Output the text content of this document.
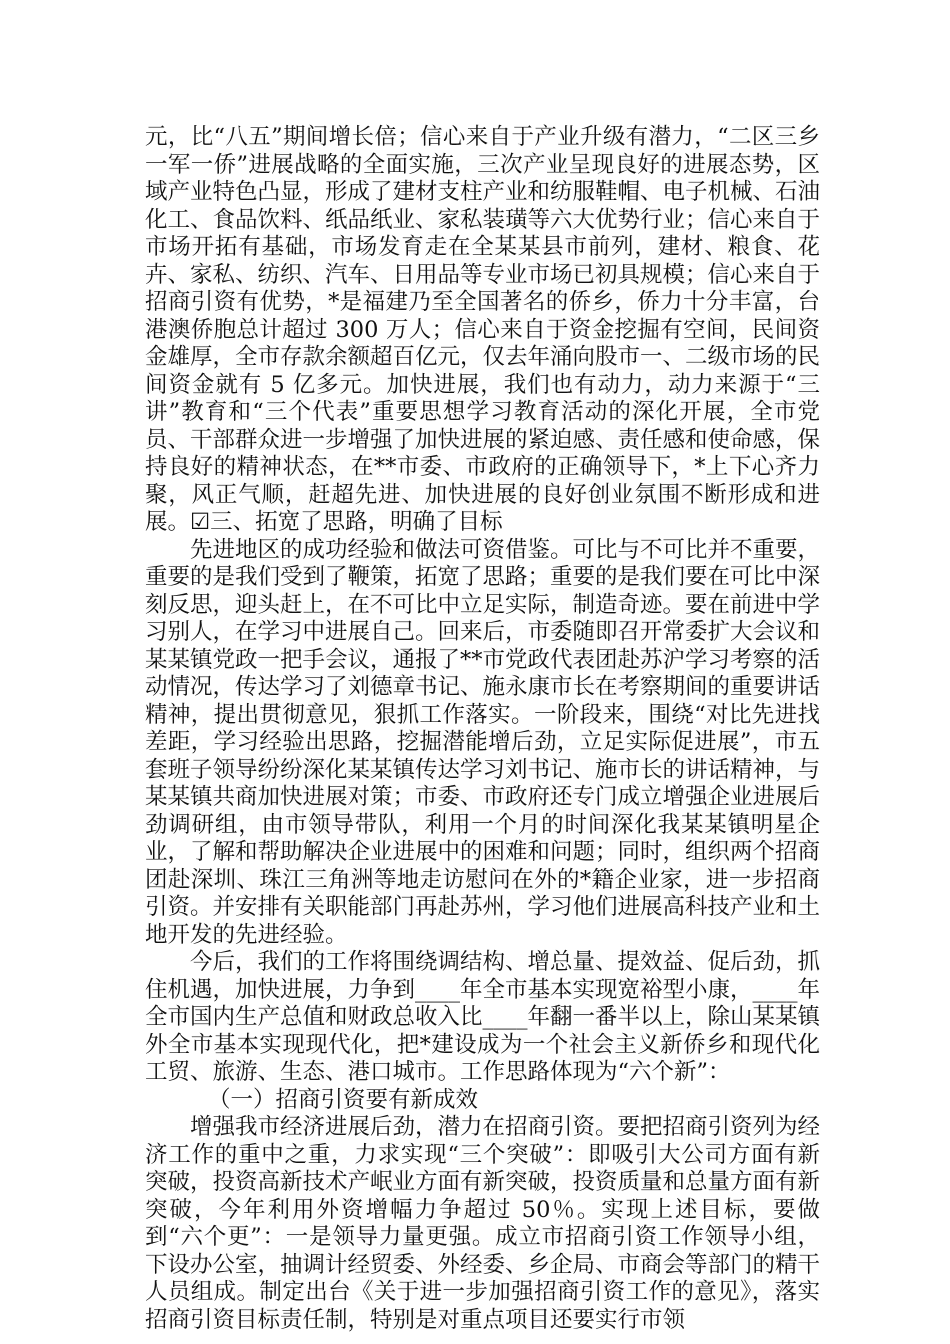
元，比“八五”期间增长倍；信心来自于产业升级有潜力，“二区三乡一军一侨”进展战略的全面实施，三次产业呈现良好的进展态势，区域产业特色凸显，形成了建材支柱产业和纺服鞋帽、电子机械、石油化工、食品饮料、纸品纸业、家私装璜等六大优势行业；信心来自于市场开拓有基础，市场发育走在全某某县市前列，建材、粮食、花卉、家私、纺织、汽车、日用品等专业市场已初具规模；信心来自于招商引资有优势，*是福建乃至全国著名的侨乡，侨力十分丰富，台港澳侨胞总计超过 300 万人；信心来自于资金挖掘有空间，民间资金雄厚，全市存款余额超百亿元，仅去年涌向股市一、二级市场的民间资金就有 5 亿多元。加快进展，我们也有动力，动力来源于“三讲”教育和“三个代表”重要思想学习教育活动的深化开展，全市党员、干部群众进一步增强了加快进展的紧迫感、责任感和使命感，保持良好的精神状态，在**市委、市政府的正确领导下，*上下心齐力聚，风正气顺，赶超先进、加快进展的良好创业氛围不断形成和进展。☑三、拓宽了思路，明确了目标

先进地区的成功经验和做法可资借鉴。可比与不可比并不重要，重要的是我们受到了鞭策，拓宽了思路；重要的是我们要在可比中深刻反思，迎头赶上，在不可比中立足实际，制造奇迹。要在前进中学习别人，在学习中进展自己。回来后，市委随即召开常委扩大会议和某某镇党政一把手会议，通报了**市党政代表团赴苏沪学习考察的活动情况，传达学习了刘德章书记、施永康市长在考察期间的重要讲话精神，提出贯彻意见，狠抓工作落实。一阶段来，围绕“对比先进找差距，学习经验出思路，挖掘潜能增后劲，立足实际促进展”，市五套班子领导纷纷深化某某镇传达学习刘书记、施市长的讲话精神，与某某镇共商加快进展对策；市委、市政府还专门成立增强企业进展后劲调研组，由市领导带队，利用一个月的时间深化我某某镇明星企业，了解和帮助解决企业进展中的困难和问题；同时，组织两个招商团赴深圳、珠江三角洲等地走访慰问在外的*籍企业家，进一步招商引资。并安排有关职能部门再赴苏州，学习他们进展高科技产业和土地开发的先进经验。

今后，我们的工作将围绕调结构、增总量、提效益、促后劲，抓住机遇，加快进展，力争到____年全市基本实现宽裕型小康，____年全市国内生产总值和财政总收入比____年翻一番半以上，除山某某镇外全市基本实现现代化，把*建设成为一个社会主义新侨乡和现代化工贸、旅游、生态、港口城市。工作思路体现为“六个新”：

（一）招商引资要有新成效

增强我市经济进展后劲，潜力在招商引资。要把招商引资列为经济工作的重中之重，力求实现“三个突破”：即吸引大公司方面有新突破，投资高新技术产岷业方面有新突破，投资质量和总量方面有新突破，今年利用外资增幅力争超过 50％。实现上述目标，要做到“六个更”：一是领导力量更强。成立市招商引资工作领导小组，下设办公室，抽调计经贸委、外经委、乡企局、市商会等部门的精干人员组成。制定出台《关于进一步加强招商引资工作的意见》，落实招商引资目标责任制，特别是对重点项目还要实行市领
